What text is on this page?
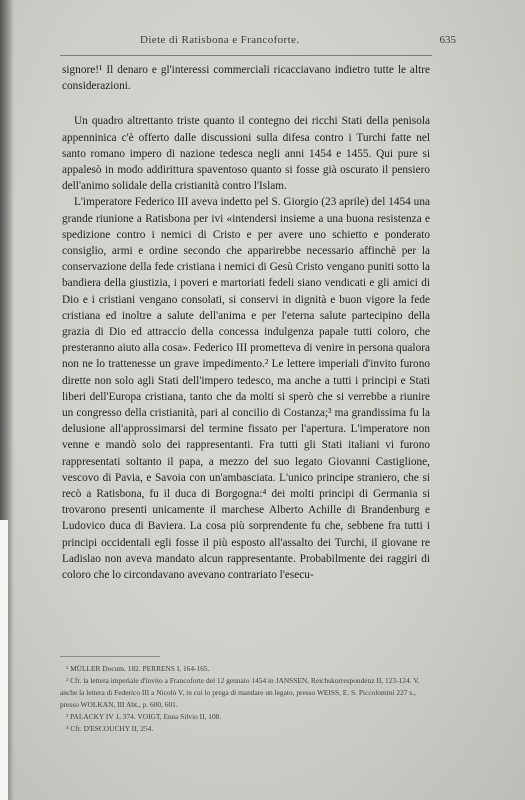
Diete di Ratisbona e Francoforte.	635

signore!¹ Il denaro e gl'interessi commerciali ricacciavano indietro tutte le altre considerazioni.

Un quadro altrettanto triste quanto il contegno dei ricchi Stati della penisola appenninica c'è offerto dalle discussioni sulla difesa contro i Turchi fatte nel santo romano impero di nazione tedesca negli anni 1454 e 1455. Qui pure si appalesò in modo addirittura spaventoso quanto si fosse già oscurato il pensiero dell'animo solidale della cristianità contro l'Islam.

L'imperatore Federico III aveva indetto pel S. Giorgio (23 aprile) del 1454 una grande riunione a Ratisbona per ivi «intendersi insieme a una buona resistenza e spedizione contro i nemici di Cristo e per avere uno schietto e ponderato consiglio, armi e ordine secondo che apparirebbe necessario affinchè per la conservazione della fede cristiana i nemici di Gesù Cristo vengano puniti sotto la bandiera della giustizia, i poveri e martoriati fedeli siano vendicati e gli amici di Dio e i cristiani vengano consolati, si conservi in dignità e buon vigore la fede cristiana ed inoltre a salute dell'anima e per l'eterna salute partecipino della grazia di Dio ed attraccio della concessa indulgenza papale tutti coloro, che presteranno aiuto alla cosa». Federico III prometteva di venire in persona qualora non ne lo trattenesse un grave impedimento.² Le lettere imperiali d'invito furono dirette non solo agli Stati dell'impero tedesco, ma anche a tutti i principi e Stati liberi dell'Europa cristiana, tanto che da molti si sperò che si verrebbe a riunire un congresso della cristianità, pari al concilio di Costanza;³ ma grandissima fu la delusione all'approssimarsi del termine fissato per l'apertura. L'imperatore non venne e mandò solo dei rappresentanti. Fra tutti gli Stati italiani vi furono rappresentati soltanto il papa, a mezzo del suo legato Giovanni Castiglione, vescovo di Pavia, e Savoia con un'ambasciata. L'unico principe straniero, che si recò a Ratisbona, fu il duca di Borgogna:⁴ dei molti principi di Germania si trovarono presenti unicamente il marchese Alberto Achille di Brandenburg e Ludovico duca di Baviera. La cosa più sorprendente fu che, sebbene fra tutti i principi occidentali egli fosse il più esposto all'assalto dei Turchi, il giovane re Ladislao non aveva mandato alcun rappresentante. Probabilmente dei raggiri di coloro che lo circondavano avevano contrariato l'esecu-

¹ MÜLLER Docum. 182. PERRENS I, 164-165.

² Cfr. la lettera imperiale d'invito a Francoforte del 12 gennaio 1454 in JANSSEN, Reichskorrespondenz II, 123-124. V. anche la lettera di Federico III a Nicolò V, in cui lo prega di mandare un legato, presso WEISS, E. S. Piccolomini 227 s., presso WOLKAN, III Abt., p. 600, 601.

³ PALACKY IV 1, 374. VOIGT, Enea Silvio II, 108.

⁴ Cfr. D'ESCOUCHY II, 254.
